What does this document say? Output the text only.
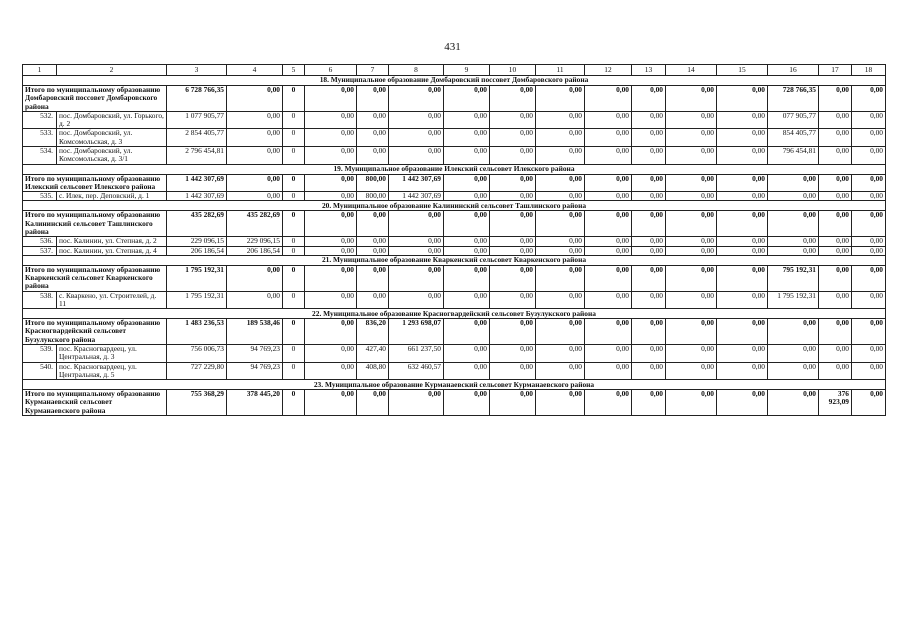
431
1	2	3	4	5	6	7	8	9	10	11	12	13	14	15	16	17	18
18. Муниципальное образование Домбаровский поссовет Домбаровского района																	
Итого по муниципальному образованию Домбаровский поссовет Домбаровского района		6 728 766,35	0,00	0	0,00	0,00	0,00	0,00	0,00	0,00	0,00	0,00	0,00	0,00	728 766,35	0,00	0,00
532.	пос. Домбаровский, ул. Горького, д. 2	1 077 905,77	0,00	0	0,00	0,00	0,00	0,00	0,00	0,00	0,00	0,00	0,00	0,00	077 905,77	0,00	0,00
533.	пос. Домбаровский, ул. Комсомольская, д. 3	2 854 405,77	0,00	0	0,00	0,00	0,00	0,00	0,00	0,00	0,00	0,00	0,00	0,00	854 405,77	0,00	0,00
534.	пос. Домбаровский, ул. Комсомольская, д. 3/1	2 796 454,81	0,00	0	0,00	0,00	0,00	0,00	0,00	0,00	0,00	0,00	0,00	0,00	796 454,81	0,00	0,00
19. Муниципальное образование Илекский сельсовет Илекского района																	
Итого по муниципальному образованию Илекский сельсовет Илекского района		1 442 307,69	0,00	0	0,00	800,00	1 442 307,69	0,00	0,00	0,00	0,00	0,00	0,00	0,00	0,00	0,00	0,00
535.	с. Илек, пер. Деповский, д. 1	1 442 307,69	0,00	0	0,00	800,00	1 442 307,69	0,00	0,00	0,00	0,00	0,00	0,00	0,00	0,00	0,00	0,00
20. Муниципальное образование Калининский сельсовет Ташлинского района																	
Итого по муниципальному образованию Калининский сельсовет Ташлинского района		435 282,69	435 282,69	0	0,00	0,00	0,00	0,00	0,00	0,00	0,00	0,00	0,00	0,00	0,00	0,00	0,00
536.	пос. Калинин, ул. Степная, д. 2	229 096,15	229 096,15	0	0,00	0,00	0,00	0,00	0,00	0,00	0,00	0,00	0,00	0,00	0,00	0,00	0,00
537.	пос. Калинин, ул. Степная, д. 4	206 186,54	206 186,54	0	0,00	0,00	0,00	0,00	0,00	0,00	0,00	0,00	0,00	0,00	0,00	0,00	0,00
21. Муниципальное образование Кваркенский сельсовет Кваркенского района																	
Итого по муниципальному образованию Кваркенский сельсовет Кваркенского района		1 795 192,31	0,00	0	0,00	0,00	0,00	0,00	0,00	0,00	0,00	0,00	0,00	0,00	795 192,31	0,00	0,00
538.	с. Кваркено, ул. Строителей, д. 11	1 795 192,31	0,00	0	0,00	0,00	0,00	0,00	0,00	0,00	0,00	0,00	0,00	0,00	1 795 192,31	0,00	0,00
22. Муниципальное образование Красногвардейский сельсовет Бузулукского района																	
Итого по муниципальному образованию Красногвардейский сельсовет Бузулукского района		1 483 236,53	189 538,46	0	0,00	836,20	1 293 698,07	0,00	0,00	0,00	0,00	0,00	0,00	0,00	0,00	0,00	0,00
539.	пос. Красногвардеец, ул. Центральная, д. 3	756 006,73	94 769,23	0	0,00	427,40	661 237,50	0,00	0,00	0,00	0,00	0,00	0,00	0,00	0,00	0,00	0,00
540.	пос. Красногвардеец, ул. Центральная, д. 5	727 229,80	94 769,23	0	0,00	408,80	632 460,57	0,00	0,00	0,00	0,00	0,00	0,00	0,00	0,00	0,00	0,00
23. Муниципальное образование Курманаевский сельсовет Курманаевского района																	
Итого по муниципальному образованию Курманаевский сельсовет Курманаевского района		755 368,29	378 445,20	0	0,00	0,00	0,00	0,00	0,00	0,00	0,00	0,00	0,00	0,00	0,00	376 923,09	0,00
